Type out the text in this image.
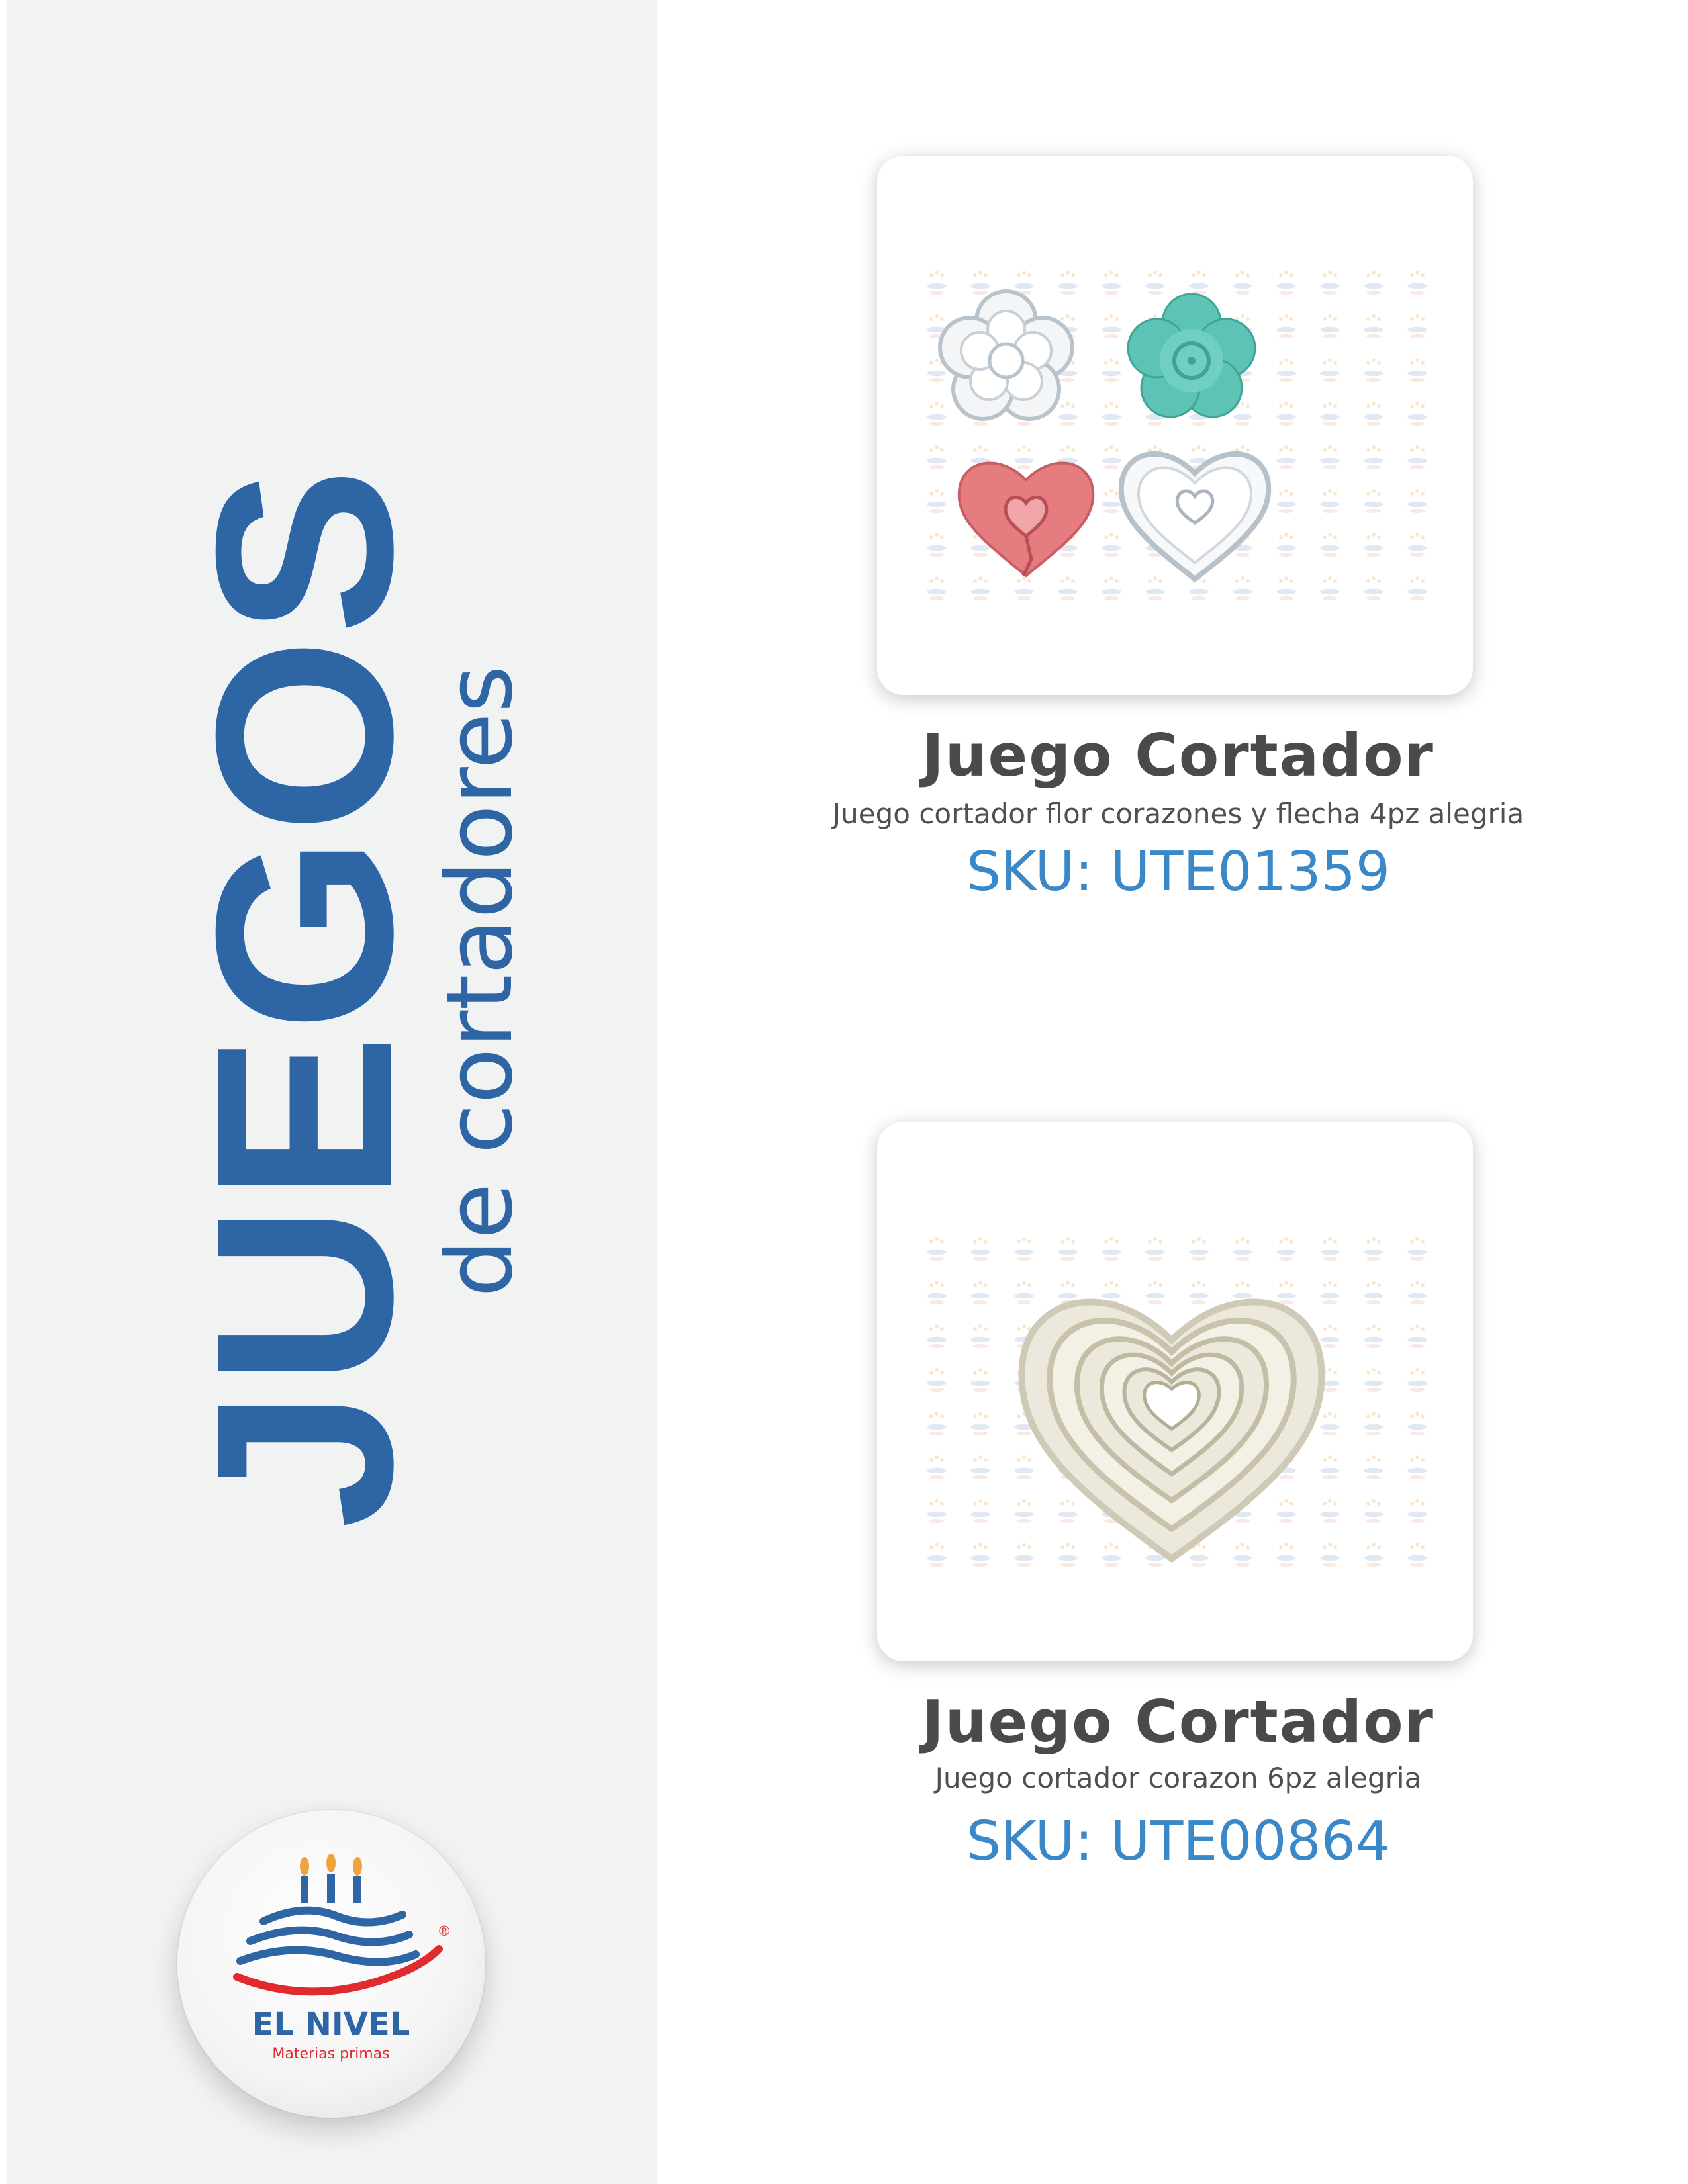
JUEGOS
de cortadores
®
EL NIVEL
Materias primas
Juego Cortador
Juego cortador flor corazones y flecha 4pz alegria
SKU: UTE01359
Juego Cortador
Juego cortador corazon 6pz alegria
SKU: UTE00864
